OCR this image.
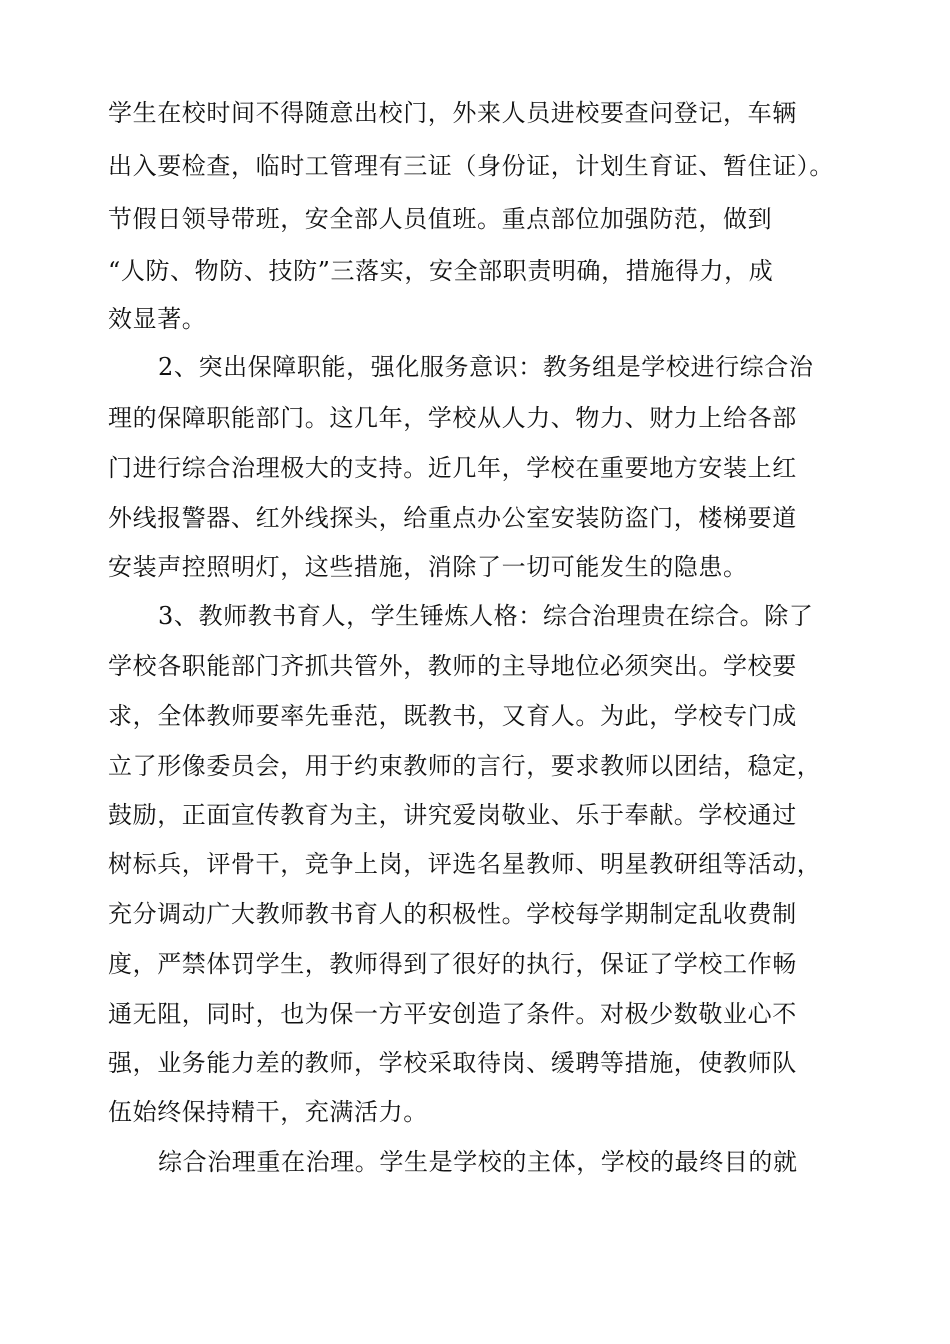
学生在校时间不得随意出校门，外来人员进校要查问登记，车辆

出入要检查，临时工管理有三证（身份证，计划生育证、暂住证）。

节假日领导带班，安全部人员值班。重点部位加强防范，做到

“人防、物防、技防”三落实，安全部职责明确，措施得力，成

效显著。

2、突出保障职能，强化服务意识：教务组是学校进行综合治

理的保障职能部门。这几年，学校从人力、物力、财力上给各部

门进行综合治理极大的支持。近几年，学校在重要地方安装上红

外线报警器、红外线探头，给重点办公室安装防盗门，楼梯要道

安装声控照明灯，这些措施，消除了一切可能发生的隐患。

3、教师教书育人，学生锤炼人格：综合治理贵在综合。除了

学校各职能部门齐抓共管外，教师的主导地位必须突出。学校要

求，全体教师要率先垂范，既教书，又育人。为此，学校专门成

立了形像委员会，用于约束教师的言行，要求教师以团结，稳定，

鼓励，正面宣传教育为主，讲究爱岗敬业、乐于奉献。学校通过

树标兵，评骨干，竞争上岗，评选名星教师、明星教研组等活动，

充分调动广大教师教书育人的积极性。学校每学期制定乱收费制

度，严禁体罚学生，教师得到了很好的执行，保证了学校工作畅

通无阻，同时，也为保一方平安创造了条件。对极少数敬业心不

强，业务能力差的教师，学校采取待岗、缓聘等措施，使教师队

伍始终保持精干，充满活力。

综合治理重在治理。学生是学校的主体，学校的最终目的就
